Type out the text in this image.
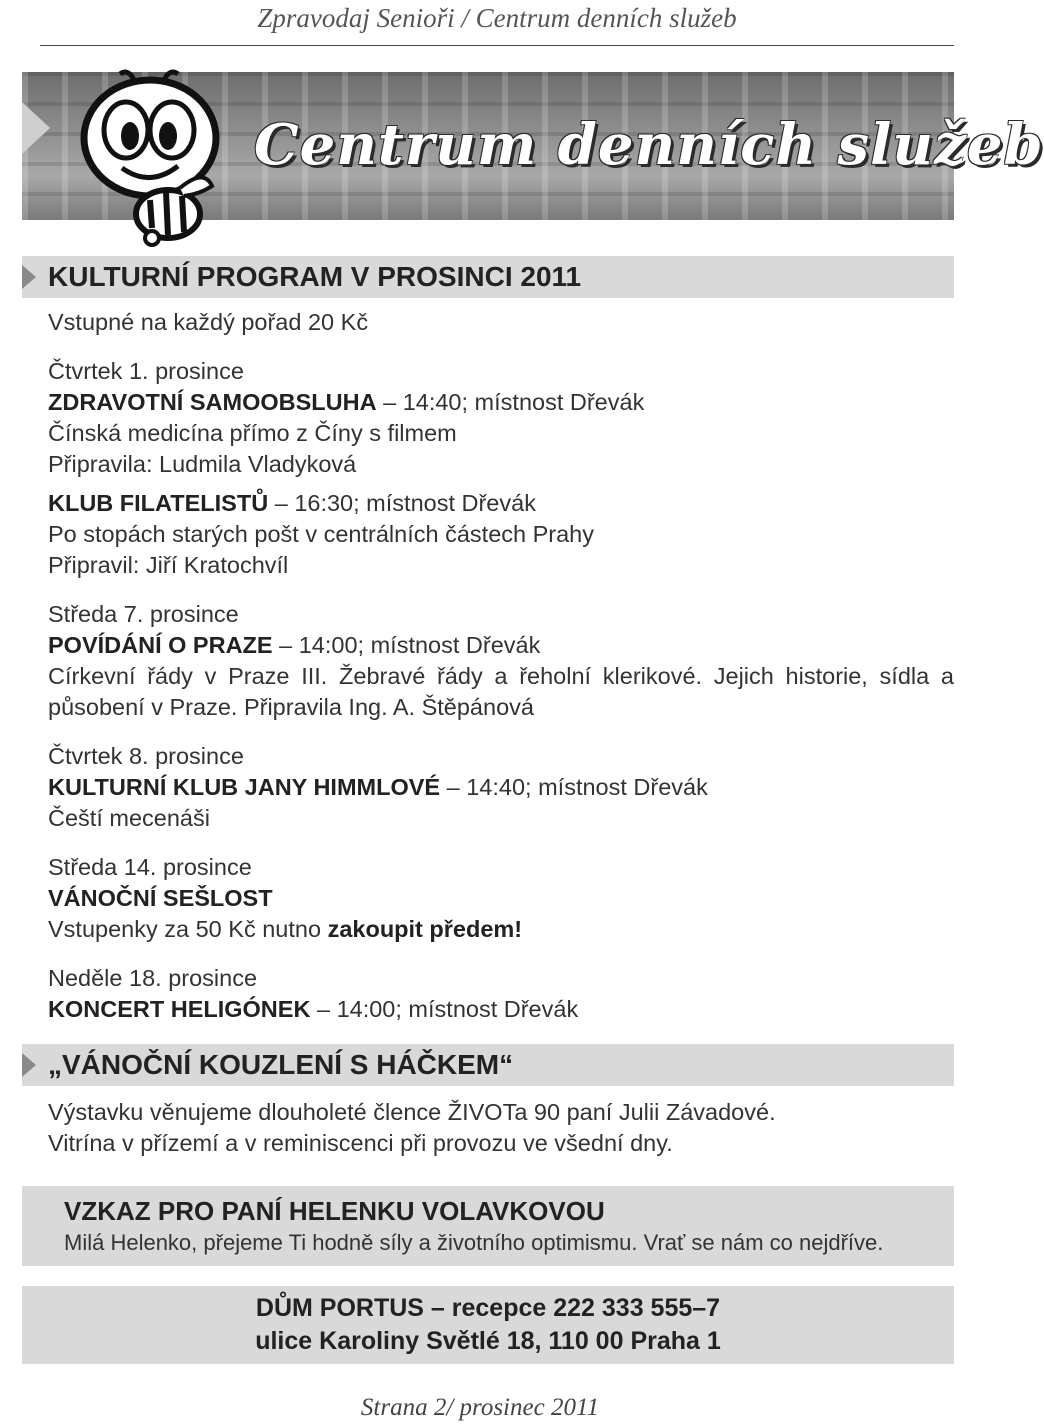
Zpravodaj Senioři / Centrum denních služeb
Centrum denních služeb
KULTURNÍ PROGRAM V PROSINCI 2011
Vstupné na každý pořad 20 Kč
Čtvrtek 1. prosince
ZDRAVOTNÍ SAMOOBSLUHA – 14:40; místnost Dřevák
Čínská medicína přímo z Číny s filmem
Připravila: Ludmila Vladyková
KLUB FILATELISTŮ – 16:30; místnost Dřevák
Po stopách starých pošt v centrálních částech Prahy
Připravil: Jiří Kratochvíl
Středa 7. prosince
POVÍDÁNÍ O PRAZE – 14:00; místnost Dřevák
Církevní řády v Praze III. Žebravé řády a řeholní klerikové. Jejich historie, sídla a působení v Praze. Připravila Ing. A. Štěpánová
Čtvrtek 8. prosince
KULTURNÍ KLUB JANY HIMMLOVÉ – 14:40; místnost Dřevák
Čeští mecenáši
Středa 14. prosince
VÁNOČNÍ SEŠLOST
Vstupenky za 50 Kč nutno zakoupit předem!
Neděle 18. prosince
KONCERT HELIGÓNEK – 14:00; místnost Dřevák
„VÁNOČNÍ KOUZLENÍ S HÁČKEM“
Výstavku věnujeme dlouholeté člence ŽIVOTa 90 paní Julii Závadové.
Vitrína v přízemí a v reminiscenci při provozu ve všední dny.
VZKAZ PRO PANÍ HELENKU VOLAVKOVOU
Milá Helenko, přejeme Ti hodně síly a životního optimismu. Vrať se nám co nejdříve.
DŮM PORTUS – recepce 222 333 555–7
ulice Karoliny Světlé 18, 110 00 Praha 1
Strana 2/ prosinec 2011
